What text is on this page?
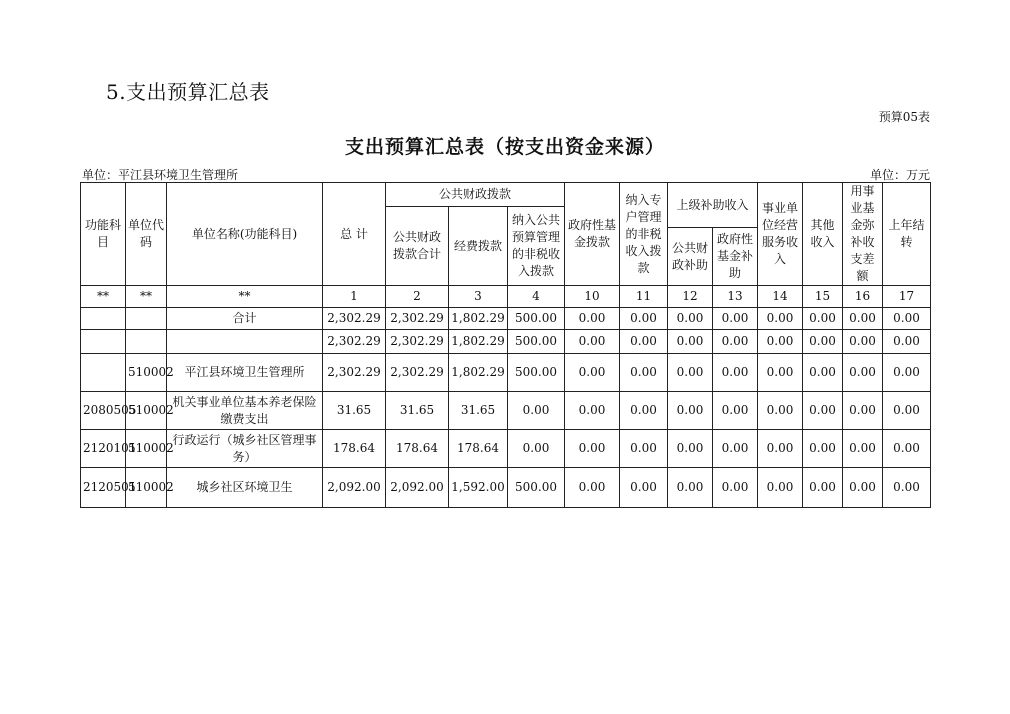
5.支出预算汇总表
预算05表
支出预算汇总表（按支出资金来源）
单位：平江县环境卫生管理所	单位：万元
功能科目	单位代码	单位名称(功能科目)	总 计	公共财政拨款			政府性基金拨款	纳入专户管理的非税收入拨款	上级补助收入		事业单位经营服务收入	其他收入	用事业基金弥补收支差额	上年结转
				公共财政拨款合计	经费拨款	纳入公共预算管理的非税收入拨款								
									公共财政补助	政府性基金补助				
**	**	**	1	2	3	4	10	11	12	13	14	15	16	17
		合计	2,302.29	2,302.29	1,802.29	500.00	0.00	0.00	0.00	0.00	0.00	0.00	0.00	0.00
			2,302.29	2,302.29	1,802.29	500.00	0.00	0.00	0.00	0.00	0.00	0.00	0.00	0.00
	510002	平江县环境卫生管理所	2,302.29	2,302.29	1,802.29	500.00	0.00	0.00	0.00	0.00	0.00	0.00	0.00	0.00
2080505	510002	机关事业单位基本养老保险缴费支出	31.65	31.65	31.65	0.00	0.00	0.00	0.00	0.00	0.00	0.00	0.00	0.00
2120101	510002	行政运行（城乡社区管理事务）	178.64	178.64	178.64	0.00	0.00	0.00	0.00	0.00	0.00	0.00	0.00	0.00
2120501	510002	城乡社区环境卫生	2,092.00	2,092.00	1,592.00	500.00	0.00	0.00	0.00	0.00	0.00	0.00	0.00	0.00
